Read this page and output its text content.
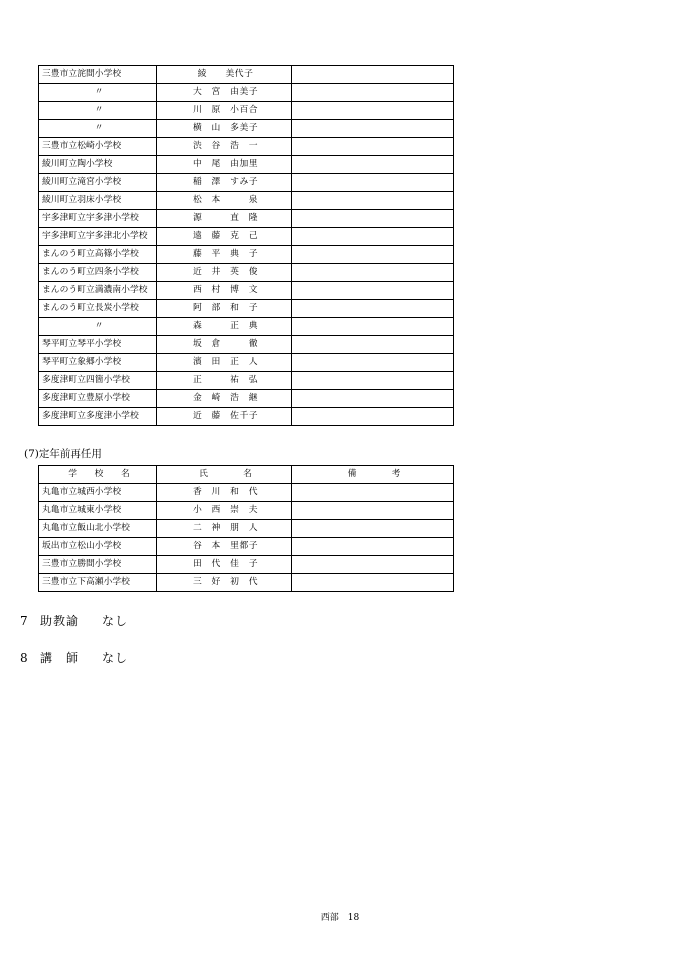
三豊市立詫間小学校	綾　　美代子	
〃	大　宮　由美子	
〃	川　原　小百合	
〃	横　山　多美子	
三豊市立松崎小学校	渋　谷　浩　一	
綾川町立陶小学校	中　尾　由加里	
綾川町立滝宮小学校	稲　澤　すみ子	
綾川町立羽床小学校	松　本　　　泉	
宇多津町立宇多津小学校	源　　　直　隆	
宇多津町立宇多津北小学校	遠　藤　克　己	
まんのう町立高篠小学校	藤　平　典　子	
まんのう町立四条小学校	近　井　英　俊	
まんのう町立満濃南小学校	西　村　博　文	
まんのう町立長炭小学校	阿　部　和　子	
〃	森　　　正　典	
琴平町立琴平小学校	坂　倉　　　徹	
琴平町立象郷小学校	濱　田　正　人	
多度津町立四箇小学校	正　　　祐　弘	
多度津町立豊原小学校	金　崎　浩　継	
多度津町立多度津小学校	近　藤　佐千子	
(7)定年前再任用
学　　校　　名	氏　　　　名	備　　　　考
丸亀市立城西小学校	香　川　和　代	
丸亀市立城東小学校	小　西　崇　夫	
丸亀市立飯山北小学校	二　神　朋　人	
坂出市立松山小学校	谷　本　里都子	
三豊市立勝間小学校	田　代　佳　子	
三豊市立下高瀬小学校	三　好　初　代	
7 助教諭 なし
8 講　師 なし
西部　18
